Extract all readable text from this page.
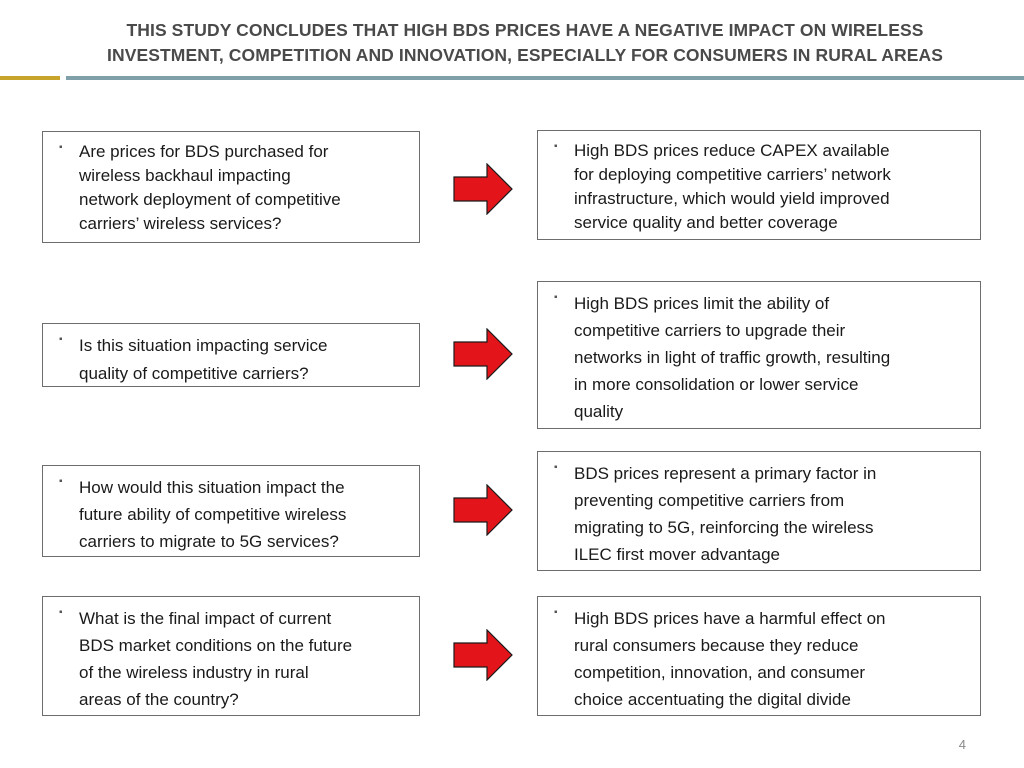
THIS STUDY CONCLUDES THAT HIGH BDS PRICES HAVE A NEGATIVE IMPACT ON WIRELESS
INVESTMENT, COMPETITION AND INNOVATION, ESPECIALLY FOR CONSUMERS IN RURAL AREAS
▪ Are prices for BDS purchased for
wireless backhaul impacting
network deployment of competitive
carriers’ wireless services?
▪ High BDS prices reduce CAPEX available
for deploying competitive carriers’ network
infrastructure, which would yield improved
service quality and better coverage
▪ Is this situation impacting service
quality of competitive carriers?
▪ High BDS prices limit the ability of
competitive carriers to upgrade their
networks in light of traffic growth, resulting
in more consolidation or lower service
quality
▪ How would this situation impact the
future ability of competitive wireless
carriers to migrate to 5G services?
▪ BDS prices represent a primary factor in
preventing competitive carriers from
migrating to 5G, reinforcing the wireless
ILEC first mover advantage
▪ What is the final impact of current
BDS market conditions on the future
of the wireless industry in rural
areas of the country?
▪ High BDS prices have a harmful effect on
rural consumers because they reduce
competition, innovation, and consumer
choice accentuating the digital divide
4
